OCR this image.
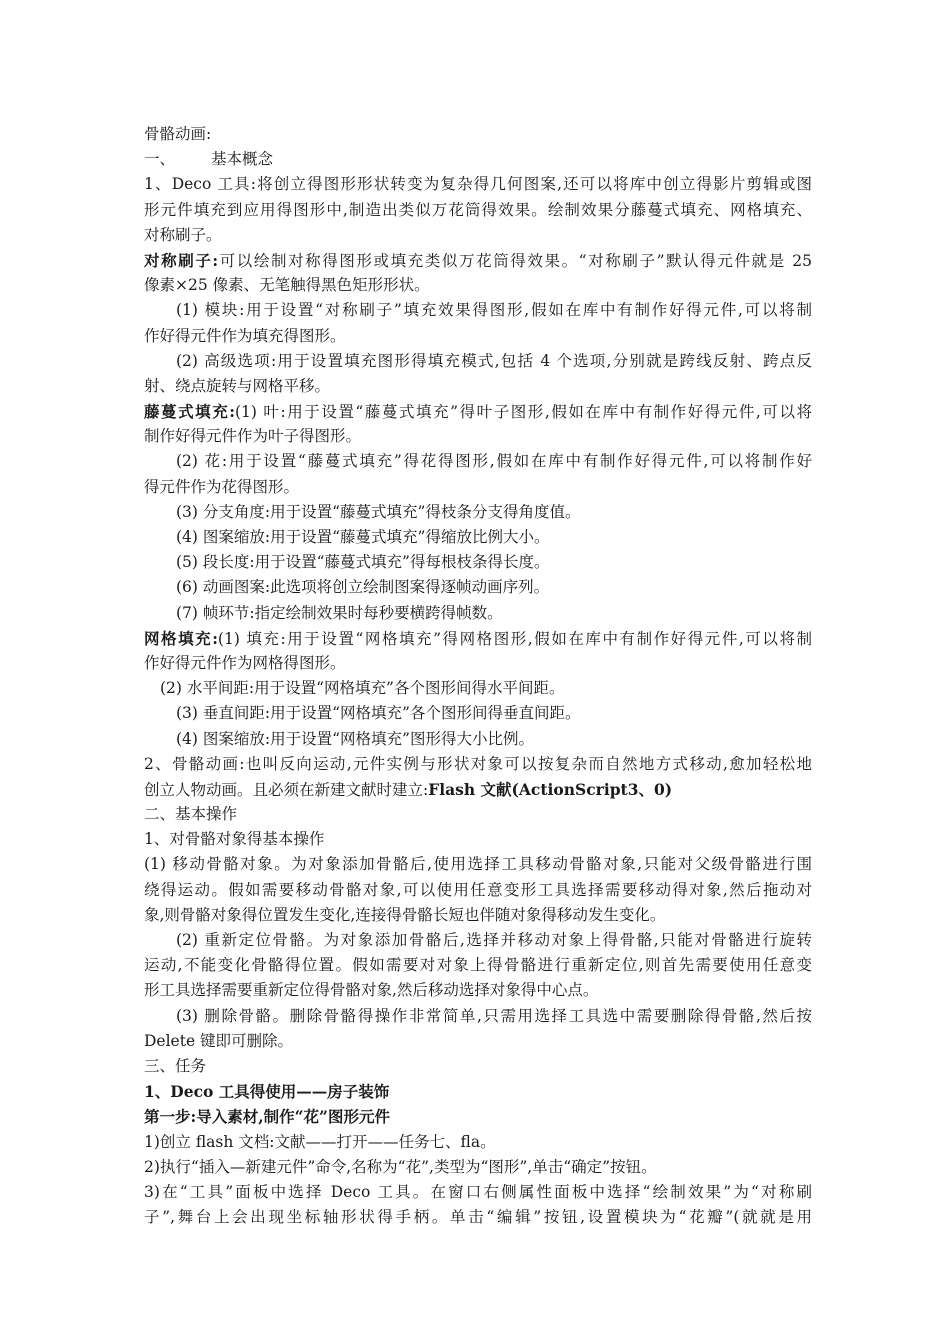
骨骼动画:
一、 基本概念
1、Deco 工具:将创立得图形形状转变为复杂得几何图案,还可以将库中创立得影片剪辑或图
形元件填充到应用得图形中,制造出类似万花筒得效果。绘制效果分藤蔓式填充、网格填充、
对称刷子。
对称刷子:可以绘制对称得图形或填充类似万花筒得效果。“对称刷子”默认得元件就是 25
像素×25 像素、无笔触得黑色矩形形状。
(1) 模块:用于设置“对称刷子”填充效果得图形,假如在库中有制作好得元件,可以将制
作好得元件作为填充得图形。
(2) 高级选项:用于设置填充图形得填充模式,包括 4 个选项,分别就是跨线反射、跨点反
射、绕点旋转与网格平移。
藤蔓式填充:(1) 叶:用于设置“藤蔓式填充”得叶子图形,假如在库中有制作好得元件,可以将
制作好得元件作为叶子得图形。
(2) 花:用于设置“藤蔓式填充”得花得图形,假如在库中有制作好得元件,可以将制作好
得元件作为花得图形。
(3) 分支角度:用于设置“藤蔓式填充”得枝条分支得角度值。
(4) 图案缩放:用于设置“藤蔓式填充”得缩放比例大小。
(5) 段长度:用于设置“藤蔓式填充”得每根枝条得长度。
(6) 动画图案:此选项将创立绘制图案得逐帧动画序列。
(7) 帧环节:指定绘制效果时每秒要横跨得帧数。
网格填充:(1) 填充:用于设置“网格填充”得网格图形,假如在库中有制作好得元件,可以将制
作好得元件作为网格得图形。
(2) 水平间距:用于设置“网格填充”各个图形间得水平间距。
(3) 垂直间距:用于设置“网格填充”各个图形间得垂直间距。
(4) 图案缩放:用于设置“网格填充”图形得大小比例。
2、骨骼动画:也叫反向运动,元件实例与形状对象可以按复杂而自然地方式移动,愈加轻松地
创立人物动画。且必须在新建文献时建立:Flash 文献(ActionScript3、0)
二、基本操作
1、对骨骼对象得基本操作
(1) 移动骨骼对象。为对象添加骨骼后,使用选择工具移动骨骼对象,只能对父级骨骼进行围
绕得运动。假如需要移动骨骼对象,可以使用任意变形工具选择需要移动得对象,然后拖动对
象,则骨骼对象得位置发生变化,连接得骨骼长短也伴随对象得移动发生变化。
(2) 重新定位骨骼。为对象添加骨骼后,选择并移动对象上得骨骼,只能对骨骼进行旋转
运动,不能变化骨骼得位置。假如需要对对象上得骨骼进行重新定位,则首先需要使用任意变
形工具选择需要重新定位得骨骼对象,然后移动选择对象得中心点。
(3) 删除骨骼。删除骨骼得操作非常简单,只需用选择工具选中需要删除得骨骼,然后按
Delete 键即可删除。
三、任务
1、Deco 工具得使用——房子装饰
第一步:导入素材,制作“花”图形元件
1)创立 flash 文档:文献——打开——任务七、fla。
2)执行“插入—新建元件”命令,名称为“花”,类型为“图形”,单击“确定”按钮。
3)在“工具”面板中选择 Deco 工具。在窗口右侧属性面板中选择“绘制效果”为“对称刷
子”,舞台上会出现坐标轴形状得手柄。单击“编辑”按钮,设置模块为“花瓣”(就就是用
